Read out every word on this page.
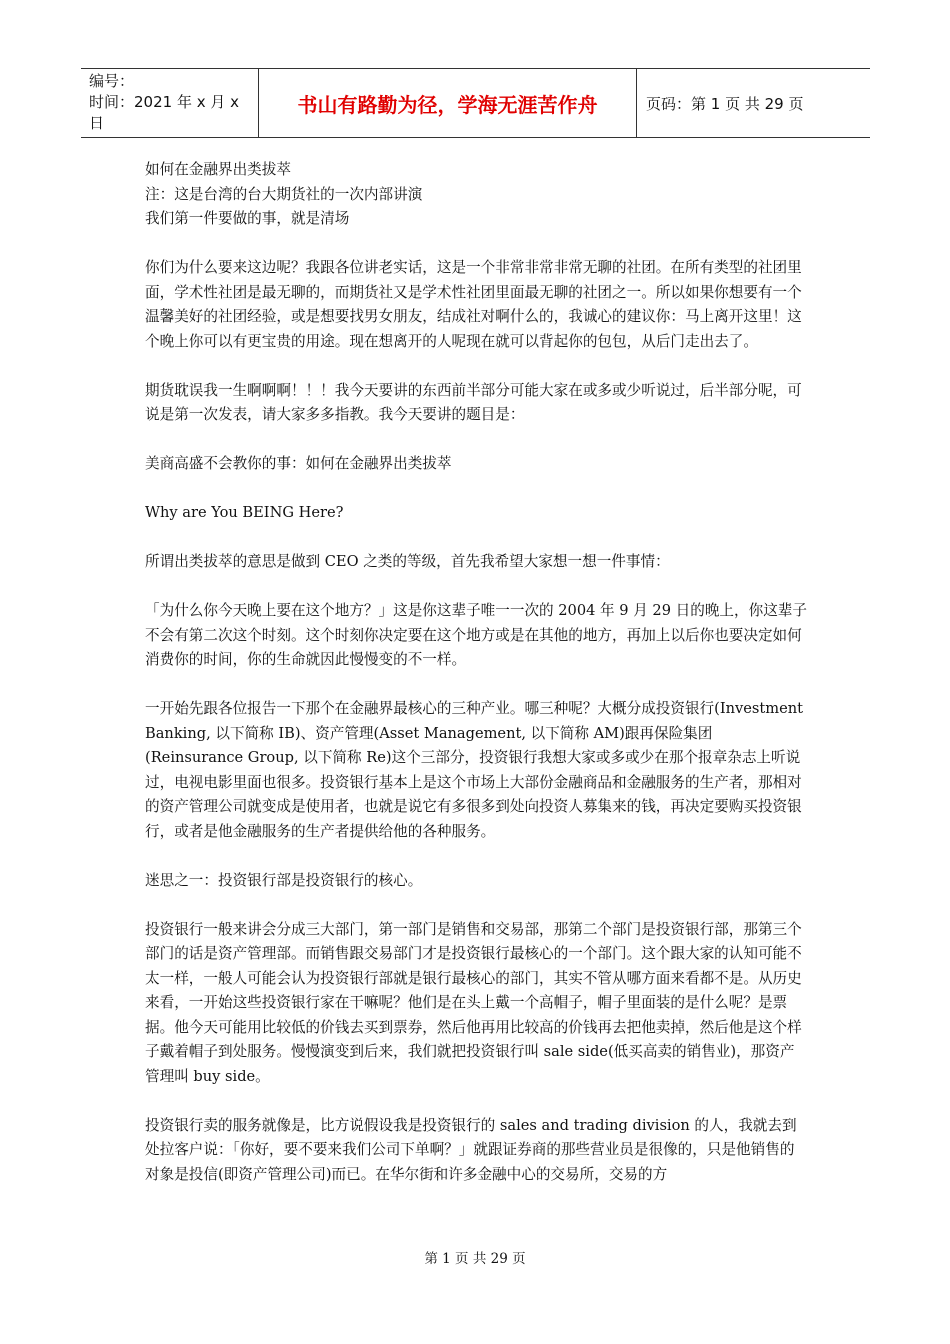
编号：
时间：2021 年 x 月 x 日
书山有路勤为径，学海无涯苦作舟	页码：第 1 页 共 29 页

如何在金融界出类拔萃

注：这是台湾的台大期货社的一次内部讲演

我们第一件要做的事，就是清场

你们为什么要来这边呢？我跟各位讲老实话，这是一个非常非常非常无聊的社团。在所有类型的社团里面，学术性社团是最无聊的，而期货社又是学术性社团里面最无聊的社团之一。所以如果你想要有一个温馨美好的社团经验，或是想要找男女朋友，结成社对啊什么的，我诚心的建议你：马上离开这里！这个晚上你可以有更宝贵的用途。现在想离开的人呢现在就可以背起你的包包，从后门走出去了。

期货耽误我一生啊啊啊！！！我今天要讲的东西前半部分可能大家在或多或少听说过，后半部分呢，可说是第一次发表，请大家多多指教。我今天要讲的题目是：

美商高盛不会教你的事：如何在金融界出类拔萃

Why are You BEING Here?

所谓出类拔萃的意思是做到 CEO 之类的等级，首先我希望大家想一想一件事情：

「为什么你今天晚上要在这个地方？」这是你这辈子唯一一次的 2004 年 9 月 29 日的晚上，你这辈子不会有第二次这个时刻。这个时刻你决定要在这个地方或是在其他的地方，再加上以后你也要决定如何消费你的时间，你的生命就因此慢慢变的不一样。

一开始先跟各位报告一下那个在金融界最核心的三种产业。哪三种呢？大概分成投资银行(Investment Banking, 以下简称 IB)、资产管理(Asset Management, 以下简称 AM)跟再保险集团(Reinsurance Group, 以下简称 Re)这个三部分，投资银行我想大家或多或少在那个报章杂志上听说过，电视电影里面也很多。投资银行基本上是这个市场上大部份金融商品和金融服务的生产者，那相对的资产管理公司就变成是使用者，也就是说它有多很多到处向投资人募集来的钱，再决定要购买投资银行，或者是他金融服务的生产者提供给他的各种服务。

迷思之一：投资银行部是投资银行的核心。

投资银行一般来讲会分成三大部门，第一部门是销售和交易部，那第二个部门是投资银行部，那第三个部门的话是资产管理部。而销售跟交易部门才是投资银行最核心的一个部门。这个跟大家的认知可能不太一样，一般人可能会认为投资银行部就是银行最核心的部门，其实不管从哪方面来看都不是。从历史来看，一开始这些投资银行家在干嘛呢？他们是在头上戴一个高帽子，帽子里面装的是什么呢？是票据。他今天可能用比较低的价钱去买到票券，然后他再用比较高的价钱再去把他卖掉，然后他是这个样子戴着帽子到处服务。慢慢演变到后来，我们就把投资银行叫 sale side(低买高卖的销售业)，那资产管理叫 buy side。

投资银行卖的服务就像是，比方说假设我是投资银行的 sales and trading division 的人，我就去到处拉客户说：「你好，要不要来我们公司下单啊？」就跟证券商的那些营业员是很像的，只是他销售的对象是投信(即资产管理公司)而已。在华尔街和许多金融中心的交易所，交易的方

第 1 页 共 29 页
